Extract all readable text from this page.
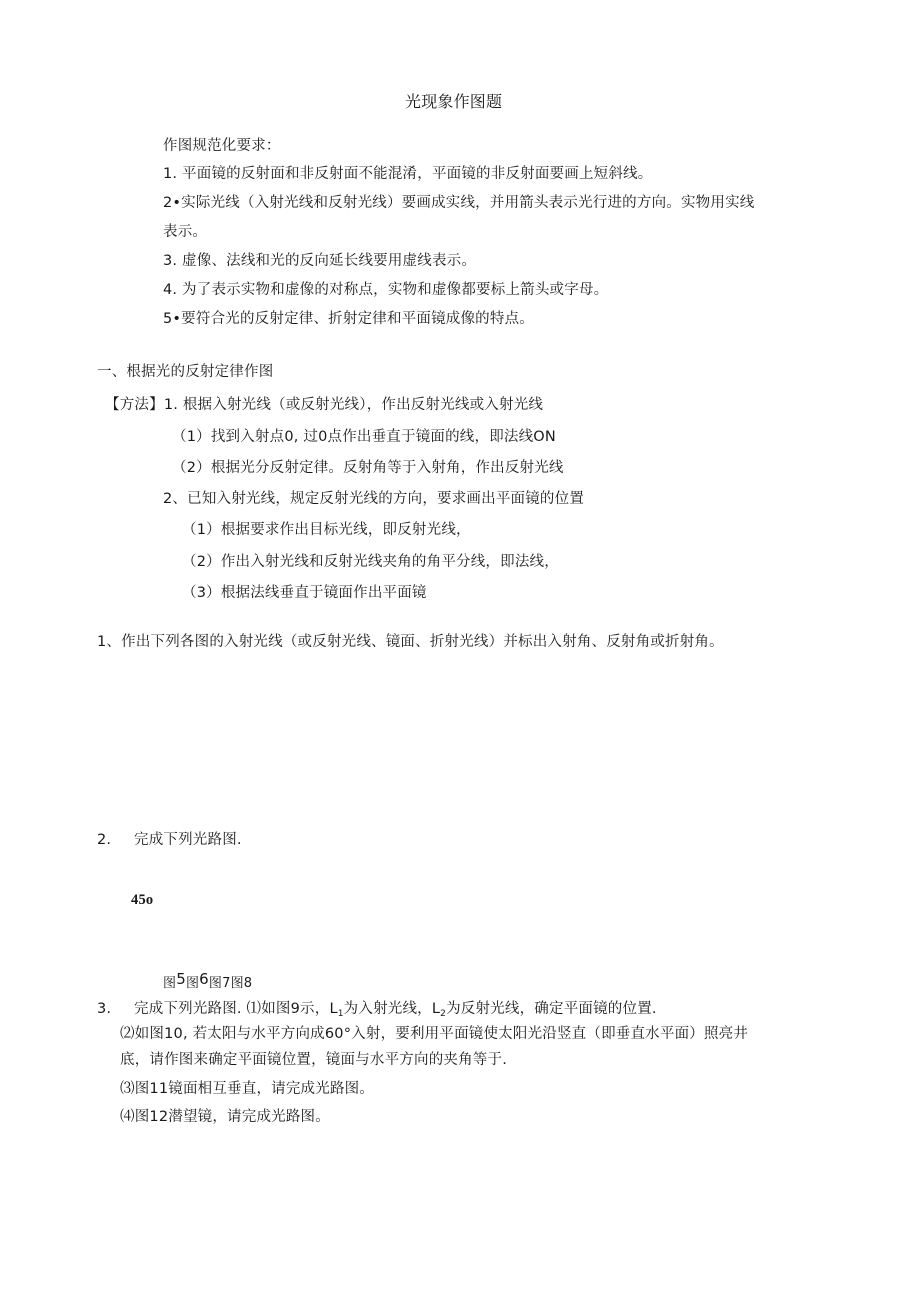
光现象作图题
作图规范化要求：
1. 平面镜的反射面和非反射面不能混淆，平面镜的非反射面要画上短斜线。
2•实际光线（入射光线和反射光线）要画成实线，并用箭头表示光行进的方向。实物用实线
表示。
3. 虚像、法线和光的反向延长线要用虚线表示。
4. 为了表示实物和虚像的对称点，实物和虚像都要标上箭头或字母。
5•要符合光的反射定律、折射定律和平面镜成像的特点。
一、根据光的反射定律作图
【方法】1. 根据入射光线（或反射光线），作出反射光线或入射光线
（1）找到入射点0, 过0点作出垂直于镜面的线，即法线ON
（2）根据光分反射定律。反射角等于入射角，作出反射光线
2、已知入射光线，规定反射光线的方向，要求画出平面镜的位置
（1）根据要求作出目标光线，即反射光线，
（2）作出入射光线和反射光线夹角的角平分线，即法线，
（3）根据法线垂直于镜面作出平面镜
1、作出下列各图的入射光线（或反射光线、镜面、折射光线）并标出入射角、反射角或折射角。
2. 完成下列光路图.
45o
图5图6图7图8
3. 完成下列光路图. ⑴如图9示，$L_1$为入射光线，$L_2$为反射光线，确定平面镜的位置.
⑵如图10, 若太阳与水平方向成60°入射，要利用平面镜使太阳光沿竖直（即垂直水平面）照亮井
底，请作图来确定平面镜位置，镜面与水平方向的夹角等于.
⑶图11镜面相互垂直，请完成光路图。
⑷图12潜望镜，请完成光路图。
